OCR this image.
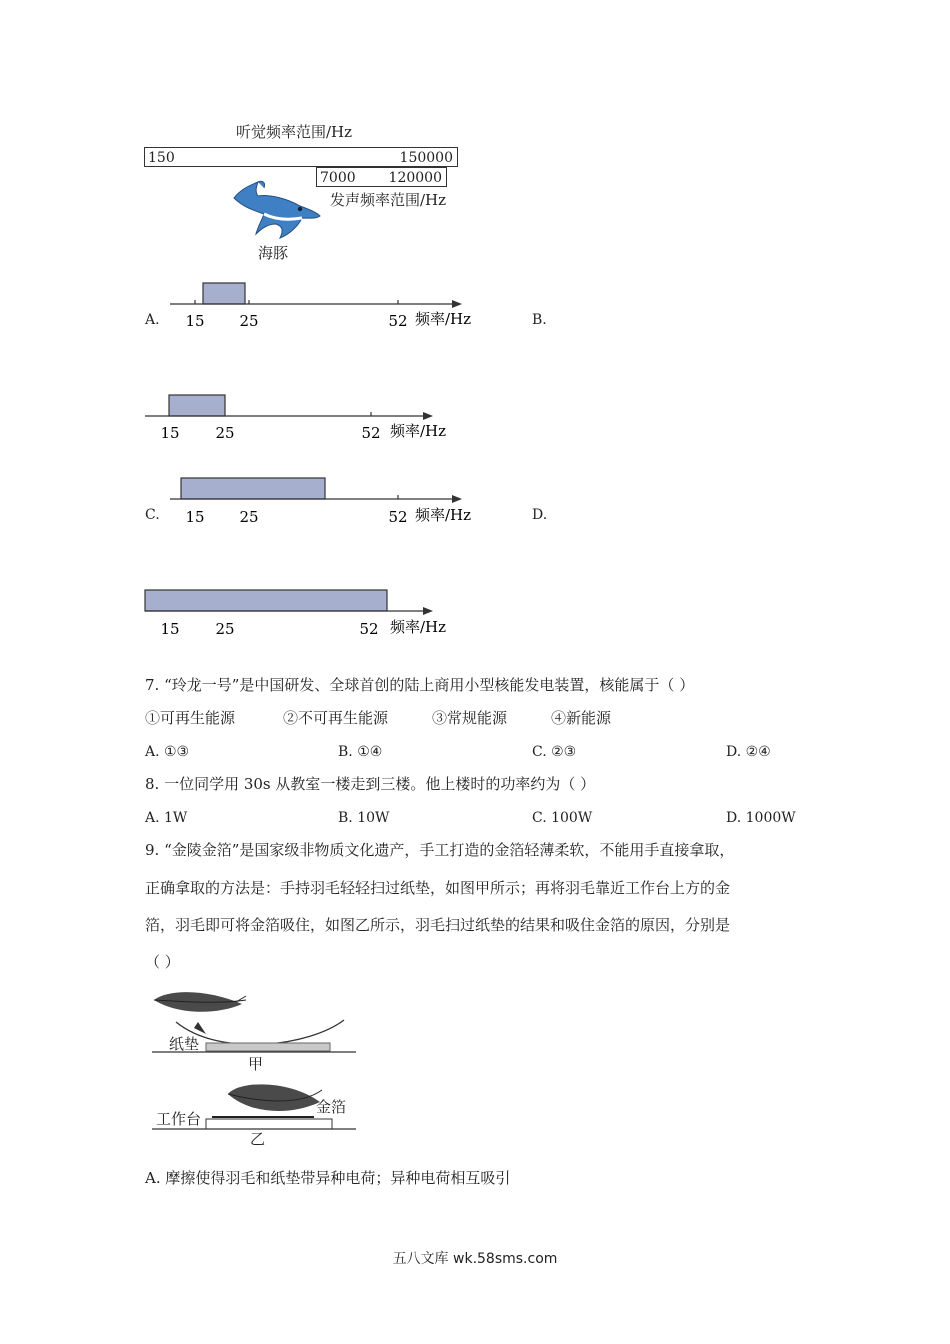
听觉频率范围/Hz
150	150000
7000 120000
发声频率范围/Hz
海豚
A. 15 25	52 频率/Hz	B.
15 25	52 频率/Hz
C. 15 25	52 频率/Hz	D.
15 25	52 频率/Hz
7. “玲龙一号”是中国研发、全球首创的陆上商用小型核能发电装置，核能属于（ ）
①可再生能源	②不可再生能源	③常规能源	④新能源
A. ①③	B. ①④	C. ②③	D. ②④
8. 一位同学用 30s 从教室一楼走到三楼。他上楼时的功率约为（ ）
A. 1W	B. 10W	C. 100W	D. 1000W
9. “金陵金箔”是国家级非物质文化遗产，手工打造的金箔轻薄柔软，不能用手直接拿取，
正确拿取的方法是：手持羽毛轻轻扫过纸垫，如图甲所示；再将羽毛靠近工作台上方的金
箔，羽毛即可将金箔吸住，如图乙所示，羽毛扫过纸垫的结果和吸住金箔的原因，分别是
（ ）
纸垫
甲
金箔
工作台
乙
A. 摩擦使得羽毛和纸垫带异种电荷；异种电荷相互吸引
五八文库 wk.58sms.com
